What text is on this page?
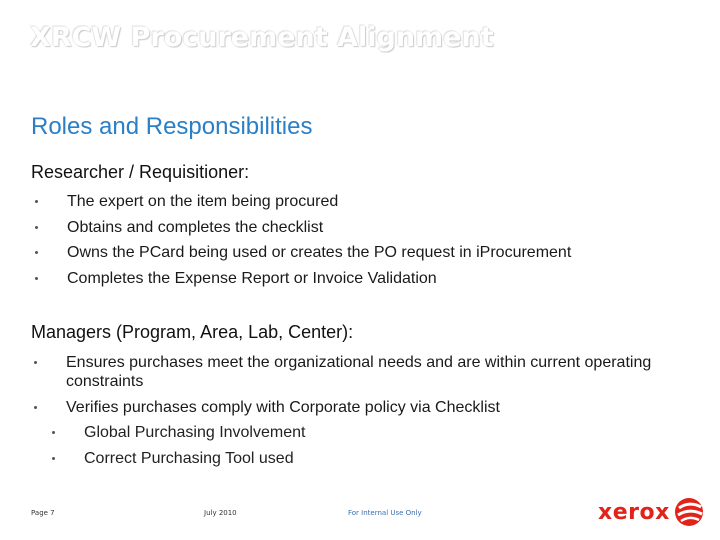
XRCW Procurement Alignment
Roles and Responsibilities
Researcher / Requisitioner:
The expert on the item being procured
Obtains and completes the checklist
Owns the PCard being used or creates the PO request in iProcurement
Completes the Expense Report or Invoice Validation
Managers (Program, Area, Lab, Center):
Ensures purchases meet the organizational needs and are within current operating constraints
Verifies purchases comply with Corporate policy via Checklist
Global Purchasing Involvement
Correct Purchasing Tool used
Page 7	July 2010	For Internal Use Only	xerox
